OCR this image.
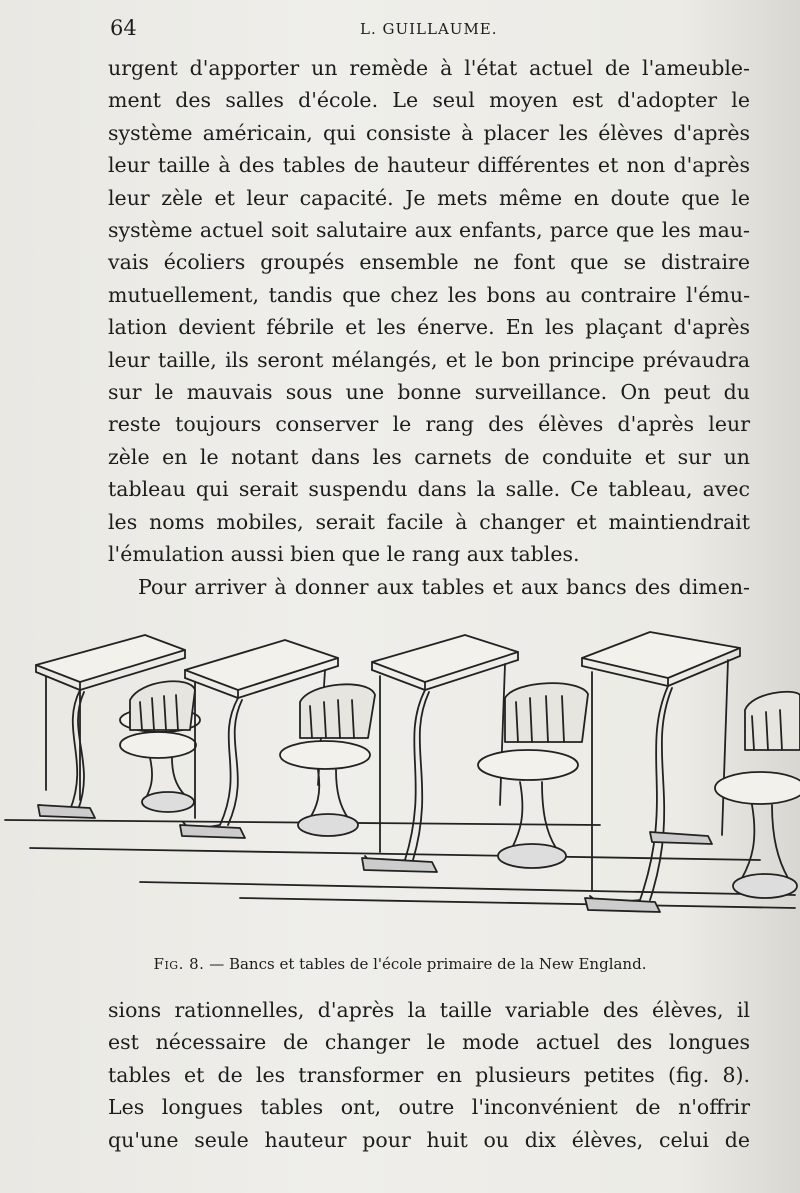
64	L. GUILLAUME.
urgent d'apporter un remède à l'état actuel de l'ameuble-
ment des salles d'école. Le seul moyen est d'adopter le
système américain, qui consiste à placer les élèves d'après
leur taille à des tables de hauteur différentes et non d'après
leur zèle et leur capacité. Je mets même en doute que le
système actuel soit salutaire aux enfants, parce que les mau-
vais écoliers groupés ensemble ne font que se distraire
mutuellement, tandis que chez les bons au contraire l'ému-
lation devient fébrile et les énerve. En les plaçant d'après
leur taille, ils seront mélangés, et le bon principe prévaudra
sur le mauvais sous une bonne surveillance. On peut du
reste toujours conserver le rang des élèves d'après leur
zèle en le notant dans les carnets de conduite et sur un
tableau qui serait suspendu dans la salle. Ce tableau, avec
les noms mobiles, serait facile à changer et maintiendrait
l'émulation aussi bien que le rang aux tables.
Pour arriver à donner aux tables et aux bancs des dimen-
Fig. 8. — Bancs et tables de l'école primaire de la New England.
sions rationnelles, d'après la taille variable des élèves, il
est nécessaire de changer le mode actuel des longues
tables et de les transformer en plusieurs petites (fig. 8).
Les longues tables ont, outre l'inconvénient de n'offrir
qu'une seule hauteur pour huit ou dix élèves, celui de
